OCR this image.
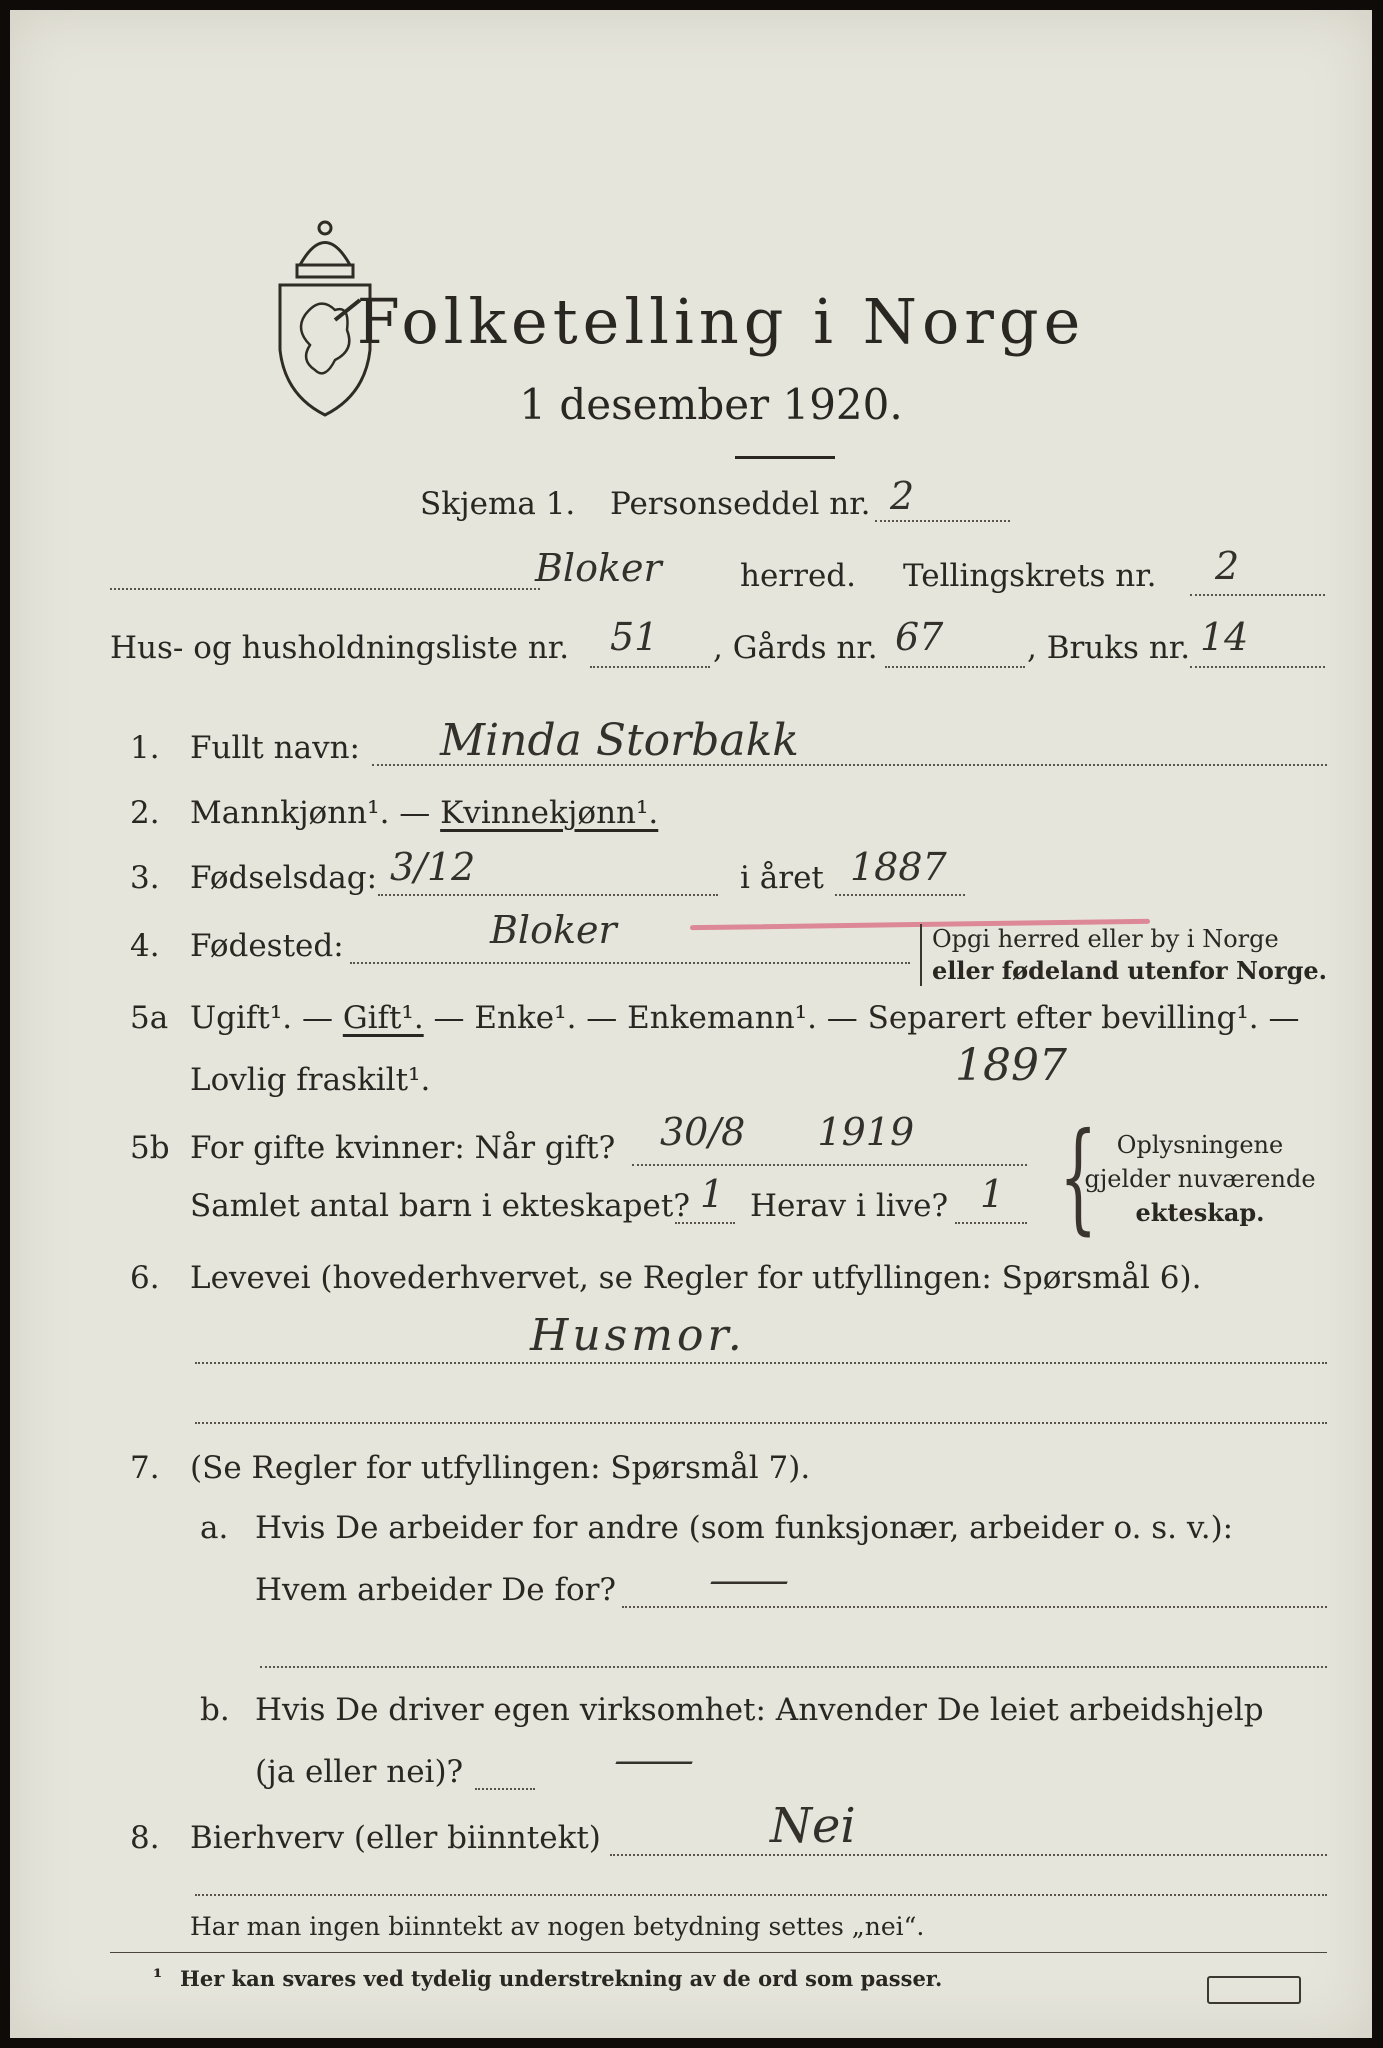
Folketelling i Norge
1 desember 1920.
Skjema 1. Personseddel nr. 2
Bloker	herred. Tellingskrets nr. 2
Hus- og husholdningsliste nr. 51 , Gårds nr. 67	, Bruks nr. 14
1. Fullt navn: Minda Storbakk
2. Mannkjønn¹. — Kvinnekjønn¹.
3. Fødselsdag: 3/12	i året 1887
4. Fødested:	Bloker	Opgi herred eller by i Norge
eller fødeland utenfor Norge.
5a Ugift¹. — Gift¹. — Enke¹. — Enkemann¹. — Separert efter bevilling¹. —
Lovlig fraskilt¹.	1897
5b For gifte kvinner: Når gift? 30/8 1919
Samlet antal barn i ekteskapet? 1 Herav i live? 1 { Oplysningene
gjelder nuværende
ekteskap.
6. Levevei (hovederhvervet, se Regler for utfyllingen: Spørsmål 6).
Husmor.
7. (Se Regler for utfyllingen: Spørsmål 7).
a. Hvis De arbeider for andre (som funksjonær, arbeider o. s. v.):
Hvem arbeider De for? —
b. Hvis De driver egen virksomhet: Anvender De leiet arbeidshjelp
(ja eller nei)?	—
8. Bierhverv (eller biinntekt)	Nei
Har man ingen biinntekt av nogen betydning settes „nei“.
¹ Her kan svares ved tydelig understrekning av de ord som passer.
